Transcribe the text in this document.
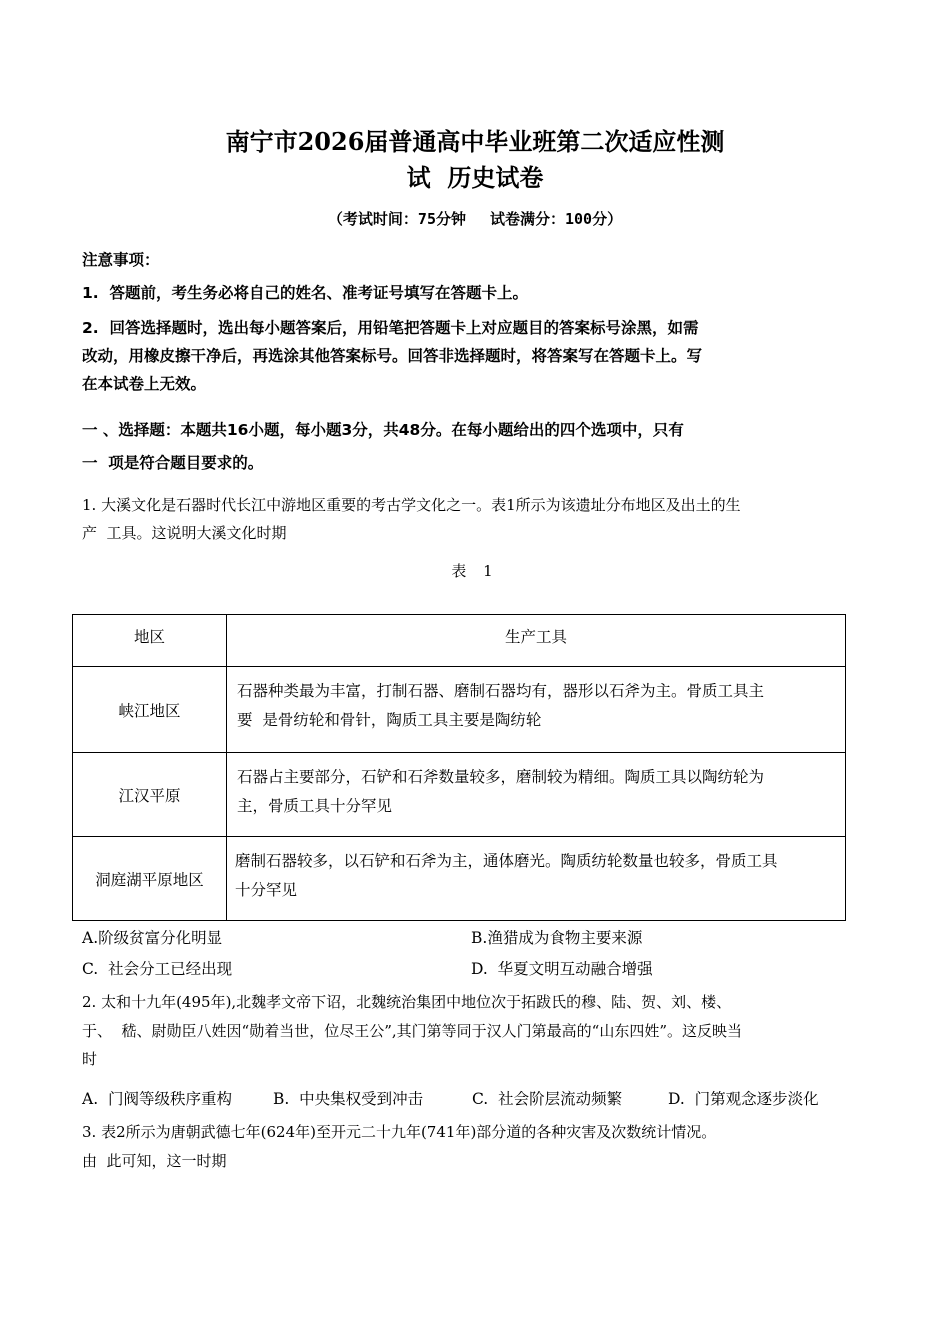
南宁市2026届普通高中毕业班第二次适应性测
试  历史试卷
（考试时间：75分钟　 试卷满分：100分）
注意事项：
1.  答题前，考生务必将自己的姓名、准考证号填写在答题卡上。
2.  回答选择题时，选出每小题答案后，用铅笔把答题卡上对应题目的答案标号涂黑，如需
改动，用橡皮擦干净后，再选涂其他答案标号。回答非选择题时，将答案写在答题卡上。写
在本试卷上无效。
一 、选择题：本题共16小题，每小题3分，共48分。在每小题给出的四个选项中，只有
一  项是符合题目要求的。
1. 大溪文化是石器时代长江中游地区重要的考古学文化之一。表1所示为该遗址分布地区及出土的生
产  工具。这说明大溪文化时期
表 1
地区	生产工具

峡江地区	石器种类最为丰富，打制石器、磨制石器均有，器形以石斧为主。骨质工具主
要  是骨纺轮和骨针，陶质工具主要是陶纺轮

江汉平原	石器占主要部分，石铲和石斧数量较多，磨制较为精细。陶质工具以陶纺轮为
主，骨质工具十分罕见

洞庭湖平原地区	磨制石器较多，以石铲和石斧为主，通体磨光。陶质纺轮数量也较多，骨质工具
十分罕见
A.阶级贫富分化明显	B.渔猎成为食物主要来源
C.  社会分工已经出现	D.  华夏文明互动融合增强
2. 太和十九年(495年),北魏孝文帝下诏，北魏统治集团中地位次于拓跋氏的穆、陆、贺、刘、楼、
于、  嵇、尉勋臣八姓因“勋着当世，位尽王公”,其门第等同于汉人门第最高的“山东四姓”。这反映当
时
A.  门阀等级秩序重构	B.  中央集权受到冲击	C.  社会阶层流动频繁	D.  门第观念逐步淡化
3. 表2所示为唐朝武德七年(624年)至开元二十九年(741年)部分道的各种灾害及次数统计情况。
由  此可知，这一时期
